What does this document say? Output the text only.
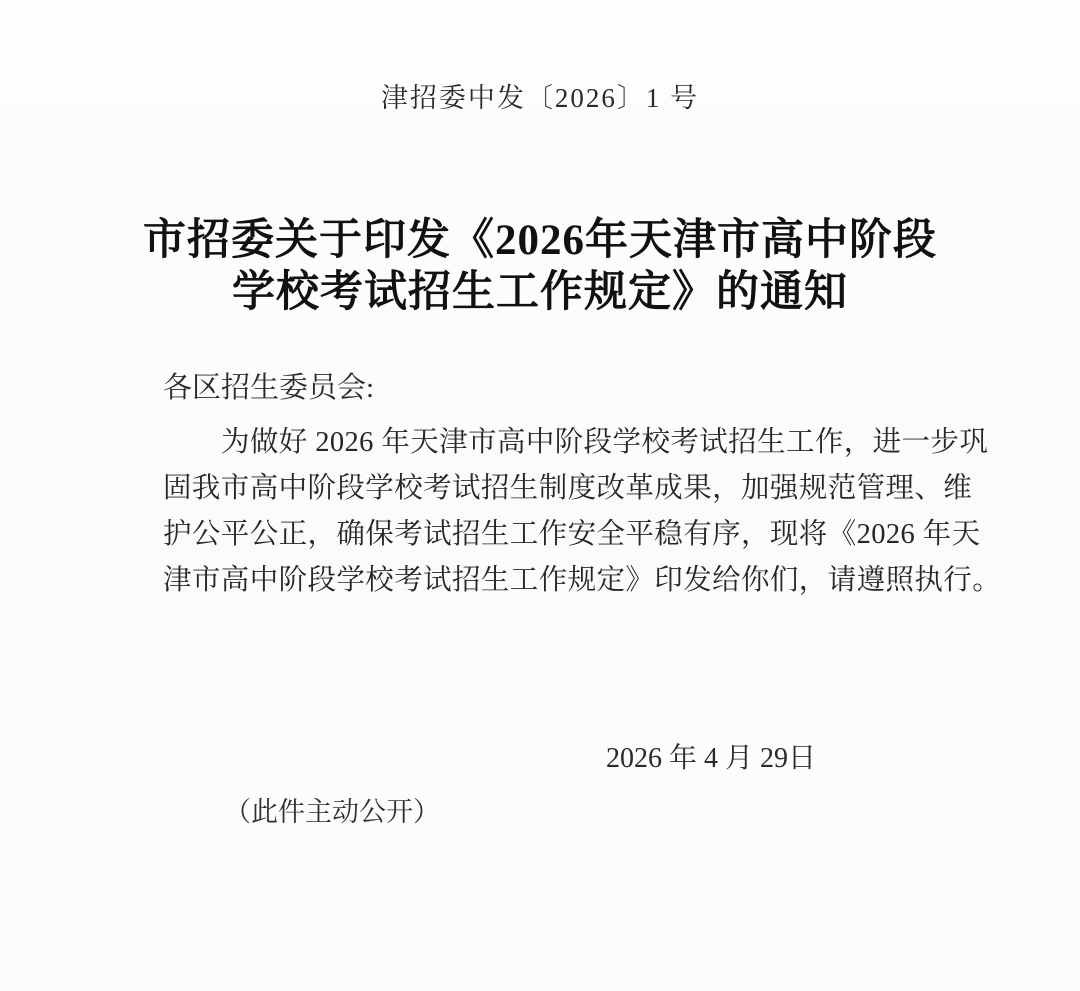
津招委中发〔2026〕1 号
市招委关于印发《2026年天津市高中阶段
学校考试招生工作规定》的通知
各区招生委员会:
为做好 2026 年天津市高中阶段学校考试招生工作，进一步巩
固我市高中阶段学校考试招生制度改革成果，加强规范管理、维
护公平公正，确保考试招生工作安全平稳有序，现将《2026 年天
津市高中阶段学校考试招生工作规定》印发给你们，请遵照执行。
2026 年 4 月 29日
（此件主动公开）
